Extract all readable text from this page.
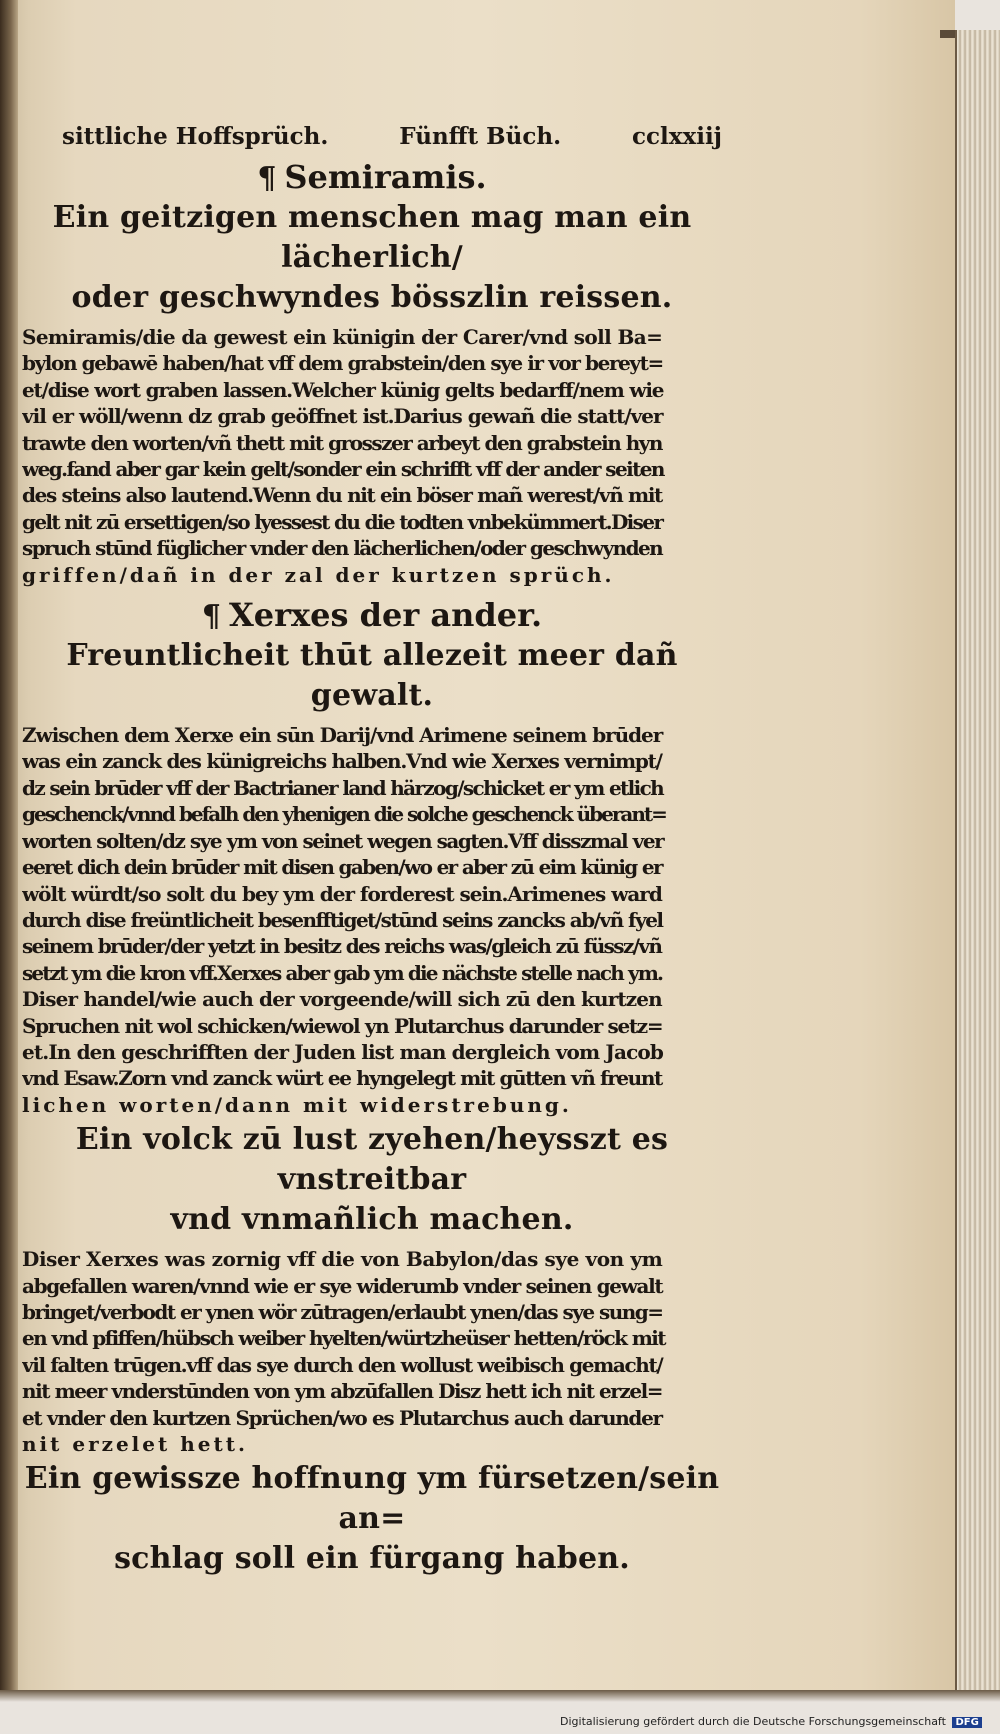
sittliche Hoffsprüch.	Fünfft Büch.	cclxxiij
¶ Semiramis.
Ein geitzigen menschen mag man ein lächerlich/
oder geschwyndes bösszlin reissen.
Semiramis/die da gewest ein künigin der Carer/vnd soll Ba=
bylon gebawē haben/hat vff dem grabstein/den sye ir vor bereyt=
et/dise wort graben lassen.Welcher künig gelts bedarff/nem wie
vil er wöll/wenn dz grab geöffnet ist.Darius gewañ die statt/ver
trawte den worten/vñ thett mit grosszer arbeyt den grabstein hyn
weg.fand aber gar kein gelt/sonder ein schrifft vff der ander seiten
des steins also lautend.Wenn du nit ein böser mañ werest/vñ mit
gelt nit zū ersettigen/so lyessest du die todten vnbekümmert.Diser
spruch stūnd füglicher vnder den lächerlichen/oder geschwynden
griffen/dañ in der zal der kurtzen sprüch.
¶ Xerxes der ander.
Freuntlicheit thūt allezeit meer dañ gewalt.
Zwischen dem Xerxe ein sūn Darij/vnd Arimene seinem brūder
was ein zanck des künigreichs halben.Vnd wie Xerxes vernimpt/
dz sein brūder vff der Bactrianer land härzog/schicket er ym etlich
geschenck/vnnd befalh den yhenigen die solche geschenck überant=
worten solten/dz sye ym von seinet wegen sagten.Vff disszmal ver
eeret dich dein brūder mit disen gaben/wo er aber zū eim künig er
wölt würdt/so solt du bey ym der forderest sein.Arimenes ward
durch dise freüntlicheit besenfftiget/stūnd seins zancks ab/vñ fyel
seinem brūder/der yetzt in besitz des reichs was/gleich zū füssz/vñ
setzt ym die kron vff.Xerxes aber gab ym die nächste stelle nach ym.
Diser handel/wie auch der vorgeende/will sich zū den kurtzen
Spruchen nit wol schicken/wiewol yn Plutarchus darunder setz=
et.In den geschrifften der Juden list man dergleich vom Jacob
vnd Esaw.Zorn vnd zanck würt ee hyngelegt mit gūtten vñ freunt
lichen worten/dann mit widerstrebung.
Ein volck zū lust zyehen/heysszt es vnstreitbar
vnd vnmañlich machen.
Diser Xerxes was zornig vff die von Babylon/das sye von ym
abgefallen waren/vnnd wie er sye widerumb vnder seinen gewalt
bringet/verbodt er ynen wör zūtragen/erlaubt ynen/das sye sung=
en vnd pfiffen/hübsch weiber hyelten/würtzheüser hetten/röck mit
vil falten trūgen.vff das sye durch den wollust weibisch gemacht/
nit meer vnderstūnden von ym abzūfallen Disz hett ich nit erzel=
et vnder den kurtzen Sprüchen/wo es Plutarchus auch darunder
nit erzelet hett.
Ein gewissze hoffnung ym fürsetzen/sein an=
schlag soll ein fürgang haben.
Digitalisierung gefördert durch die Deutsche Forschungsgemeinschaft DFG
